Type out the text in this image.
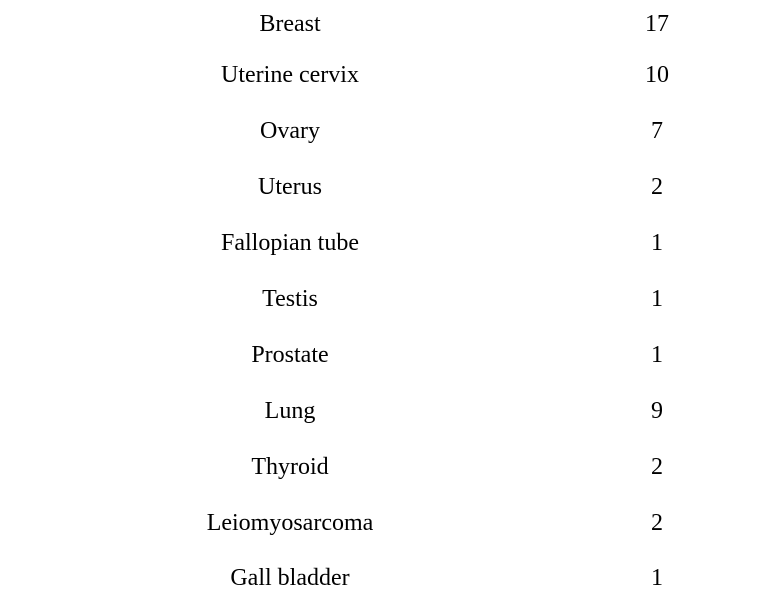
Breast	17
Uterine cervix	10
Ovary	7
Uterus	2
Fallopian tube	1
Testis	1
Prostate	1
Lung	9
Thyroid	2
Leiomyosarcoma	2
Gall bladder	1
